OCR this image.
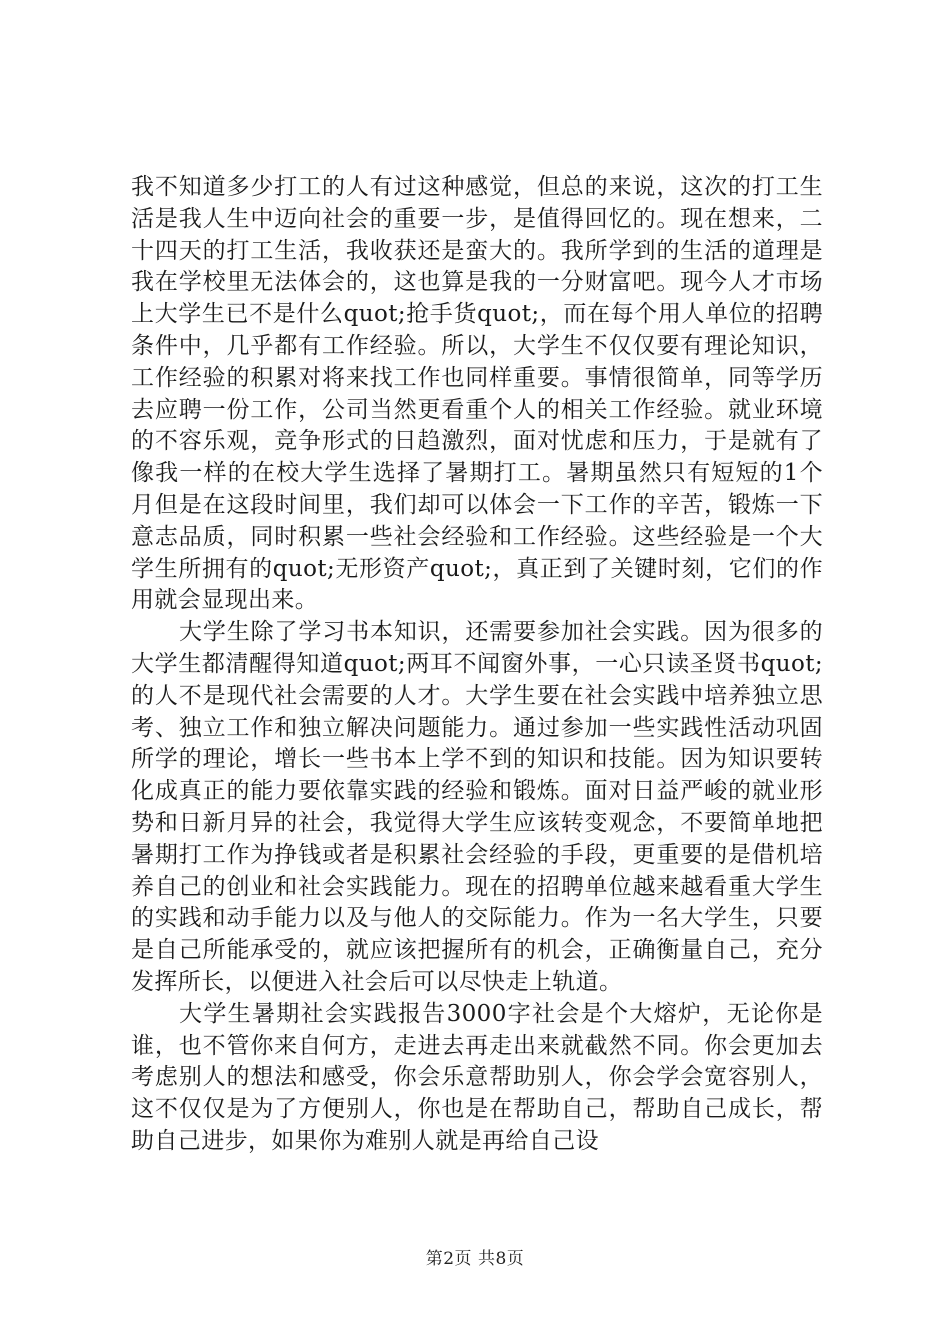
我不知道多少打工的人有过这种感觉，但总的来说，这次的打工生活是我人生中迈向社会的重要一步，是值得回忆的。现在想来，二十四天的打工生活，我收获还是蛮大的。我所学到的生活的道理是我在学校里无法体会的，这也算是我的一分财富吧。现今人才市场上大学生已不是什么quot;抢手货quot;，而在每个用人单位的招聘条件中，几乎都有工作经验。所以，大学生不仅仅要有理论知识，工作经验的积累对将来找工作也同样重要。事情很简单，同等学历去应聘一份工作，公司当然更看重个人的相关工作经验。就业环境的不容乐观，竞争形式的日趋激烈，面对忧虑和压力，于是就有了像我一样的在校大学生选择了暑期打工。暑期虽然只有短短的1个月但是在这段时间里，我们却可以体会一下工作的辛苦，锻炼一下意志品质，同时积累一些社会经验和工作经验。这些经验是一个大学生所拥有的quot;无形资产quot;，真正到了关键时刻，它们的作用就会显现出来。

大学生除了学习书本知识，还需要参加社会实践。因为很多的大学生都清醒得知道quot;两耳不闻窗外事，一心只读圣贤书quot;的人不是现代社会需要的人才。大学生要在社会实践中培养独立思考、独立工作和独立解决问题能力。通过参加一些实践性活动巩固所学的理论，增长一些书本上学不到的知识和技能。因为知识要转化成真正的能力要依靠实践的经验和锻炼。面对日益严峻的就业形势和日新月异的社会，我觉得大学生应该转变观念，不要简单地把暑期打工作为挣钱或者是积累社会经验的手段，更重要的是借机培养自己的创业和社会实践能力。现在的招聘单位越来越看重大学生的实践和动手能力以及与他人的交际能力。作为一名大学生，只要是自己所能承受的，就应该把握所有的机会，正确衡量自己，充分发挥所长，以便进入社会后可以尽快走上轨道。

大学生暑期社会实践报告3000字社会是个大熔炉，无论你是谁，也不管你来自何方，走进去再走出来就截然不同。你会更加去考虑别人的想法和感受，你会乐意帮助别人，你会学会宽容别人，这不仅仅是为了方便别人，你也是在帮助自己，帮助自己成长，帮助自己进步，如果你为难别人就是再给自己设

第2页 共8页
